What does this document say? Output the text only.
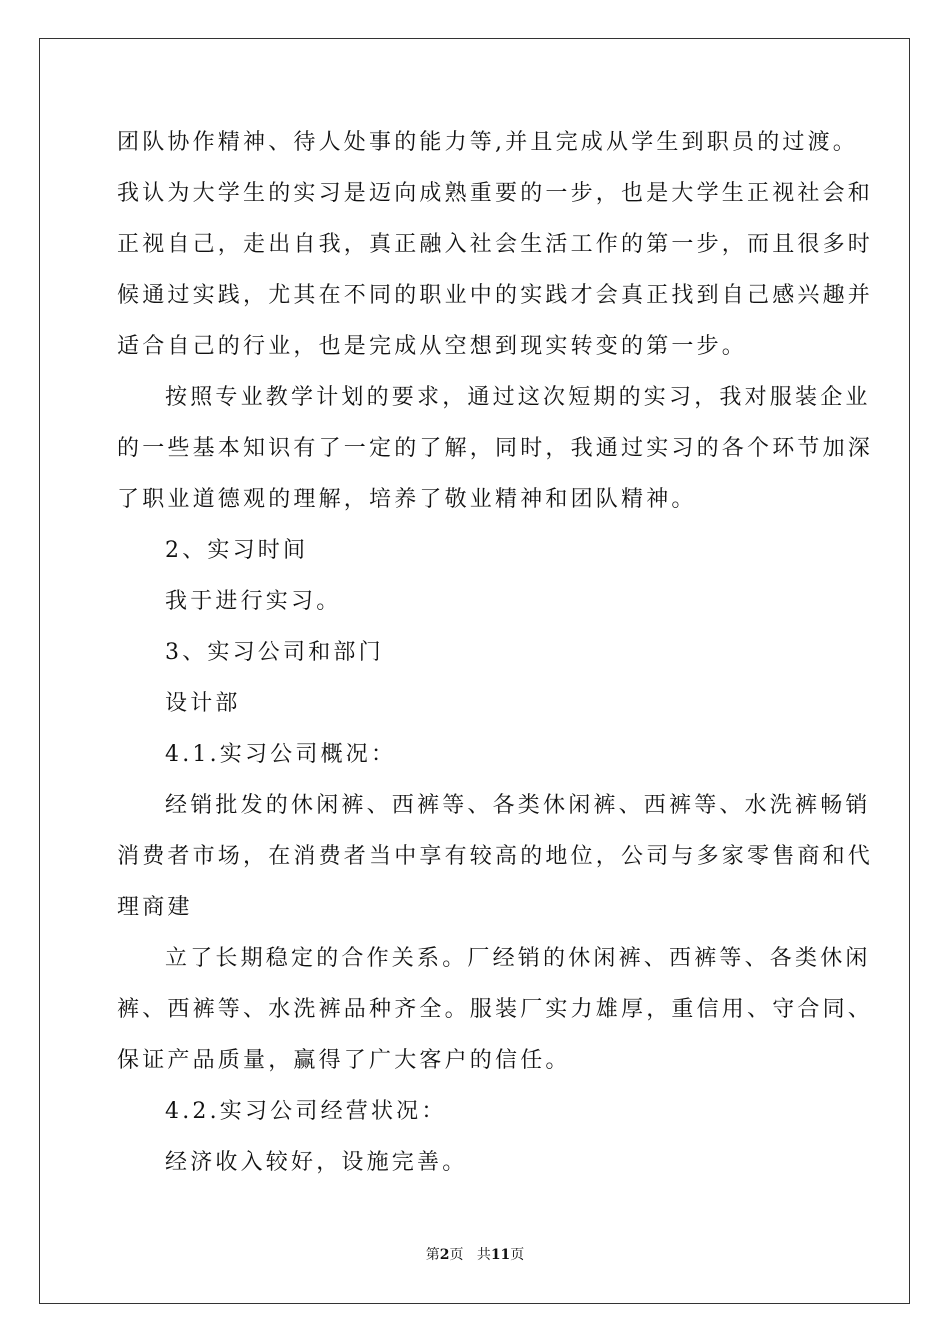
团队协作精神、待人处事的能力等,并且完成从学生到职员的过渡。
我认为大学生的实习是迈向成熟重要的一步，也是大学生正视社会和
正视自己，走出自我，真正融入社会生活工作的第一步，而且很多时
候通过实践，尤其在不同的职业中的实践才会真正找到自己感兴趣并
适合自己的行业，也是完成从空想到现实转变的第一步。
按照专业教学计划的要求，通过这次短期的实习，我对服装企业
的一些基本知识有了一定的了解，同时，我通过实习的各个环节加深
了职业道德观的理解，培养了敬业精神和团队精神。
2、实习时间
我于进行实习。
3、实习公司和部门
设计部
4.1.实习公司概况：
经销批发的休闲裤、西裤等、各类休闲裤、西裤等、水洗裤畅销
消费者市场，在消费者当中享有较高的地位，公司与多家零售商和代
理商建
立了长期稳定的合作关系。厂经销的休闲裤、西裤等、各类休闲
裤、西裤等、水洗裤品种齐全。服装厂实力雄厚，重信用、守合同、
保证产品质量，赢得了广大客户的信任。
4.2.实习公司经营状况：
经济收入较好，设施完善。
第2页 共11页
